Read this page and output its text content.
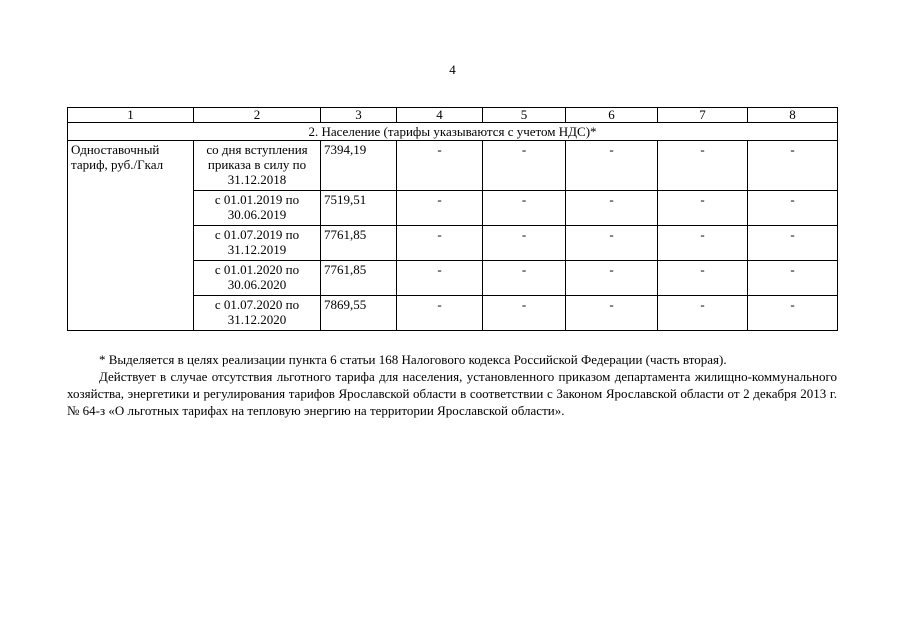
4
1	2	3	4	5	6	7	8
2. Население (тарифы указываются с учетом НДС)*							
Одноставочный тариф, руб./Гкал	со дня вступления приказа в силу по 31.12.2018	7394,19	-	-	-	-	-
	с 01.01.2019 по 30.06.2019	7519,51	-	-	-	-	-
	с 01.07.2019 по 31.12.2019	7761,85	-	-	-	-	-
	с 01.01.2020 по 30.06.2020	7761,85	-	-	-	-	-
	с 01.07.2020 по 31.12.2020	7869,55	-	-	-	-	-

* Выделяется в целях реализации пункта 6 статьи 168 Налогового кодекса Российской Федерации (часть вторая).

Действует в случае отсутствия льготного тарифа для населения, установленного приказом департамента жилищно-коммунального хозяйства, энергетики и регулирования тарифов Ярославской области в соответствии с Законом Ярославской области от 2 декабря 2013 г. № 64-з «О льготных тарифах на тепловую энергию на территории Ярославской области».
